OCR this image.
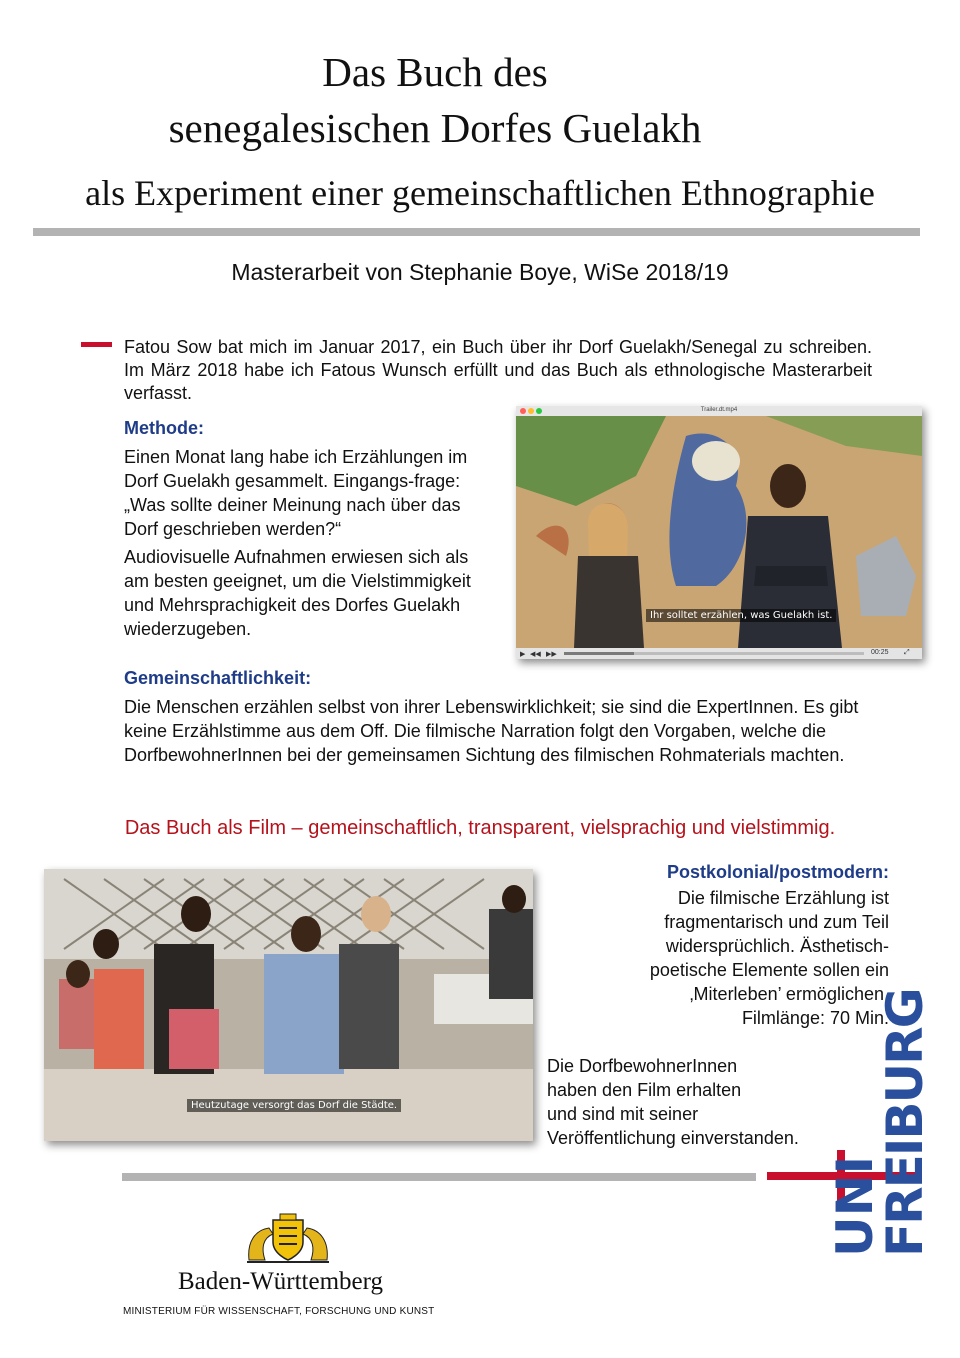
Das Buch des
senegalesischen Dorfes Guelakh
als Experiment einer gemeinschaftlichen Ethnographie
Masterarbeit von Stephanie Boye, WiSe 2018/19
Fatou Sow bat mich im Januar 2017, ein Buch über ihr Dorf Guelakh/Senegal zu schreiben. Im März 2018 habe ich Fatous Wunsch erfüllt und das Buch als ethnologische Masterarbeit verfasst.
Methode:
Einen Monat lang habe ich Erzählungen im Dorf Guelakh gesammelt. Eingangs-frage: „Was sollte deiner Meinung nach über das Dorf geschrieben werden?“
Audiovisuelle Aufnahmen erwiesen sich als am besten geeignet, um die Vielstimmigkeit und Mehrsprachigkeit des Dorfes Guelakh wiederzugeben.
Trailer.dt.mp4
Ihr solltet erzählen, was Guelakh ist.
▶ ◀◀ ▶▶	00:25 ⤢
Gemeinschaftlichkeit:
Die Menschen erzählen selbst von ihrer Lebenswirklichkeit; sie sind die ExpertInnen. Es gibt keine Erzählstimme aus dem Off. Die filmische Narration folgt den Vorgaben, welche die DorfbewohnerInnen bei der gemeinsamen Sichtung des filmischen Rohmaterials machten.
Das Buch als Film – gemeinschaftlich, transparent, vielsprachig und vielstimmig.
Heutzutage versorgt das Dorf die Städte.
Postkolonial/postmodern:
Die filmische Erzählung ist
fragmentarisch und zum Teil
widersprüchlich. Ästhetisch-
poetische Elemente sollen ein
‚Miterleben’ ermöglichen.
Filmlänge: 70 Min.
Die DorfbewohnerInnen
haben den Film erhalten
und sind mit seiner
Veröffentlichung einverstanden.
UNI
FREIBURG
Baden-Württemberg
MINISTERIUM FÜR WISSENSCHAFT, FORSCHUNG UND KUNST
